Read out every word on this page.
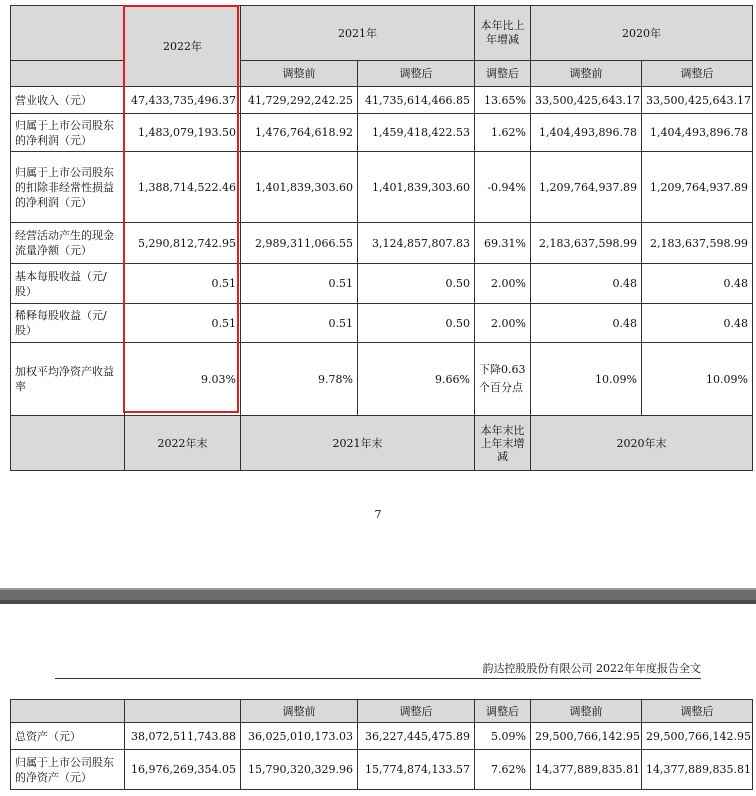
	2022年	2021年		本年比上年增减	2020年	
		调整前	调整后	调整后	调整前	调整后
营业收入（元）	47,433,735,496.37	41,729,292,242.25	41,735,614,466.85	13.65%	33,500,425,643.17	33,500,425,643.17
归属于上市公司股东的净利润（元）	1,483,079,193.50	1,476,764,618.92	1,459,418,422.53	1.62%	1,404,493,896.78	1,404,493,896.78
归属于上市公司股东的扣除非经常性损益的净利润（元）	1,388,714,522.46	1,401,839,303.60	1,401,839,303.60	-0.94%	1,209,764,937.89	1,209,764,937.89
经营活动产生的现金流量净额（元）	5,290,812,742.95	2,989,311,066.55	3,124,857,807.83	69.31%	2,183,637,598.99	2,183,637,598.99
基本每股收益（元/股）	0.51	0.51	0.50	2.00%	0.48	0.48
稀释每股收益（元/股）	0.51	0.51	0.50	2.00%	0.48	0.48
加权平均净资产收益率	9.03%	9.78%	9.66%	下降0.63个百分点	10.09%	10.09%
	2022年末	2021年末		本年末比上年末增减	2020年末	
7
韵达控股股份有限公司 2022年年度报告全文
		调整前	调整后	调整后	调整前	调整后
总资产（元）	38,072,511,743.88	36,025,010,173.03	36,227,445,475.89	5.09%	29,500,766,142.95	29,500,766,142.95
归属于上市公司股东的净资产（元）	16,976,269,354.05	15,790,320,329.96	15,774,874,133.57	7.62%	14,377,889,835.81	14,377,889,835.81
